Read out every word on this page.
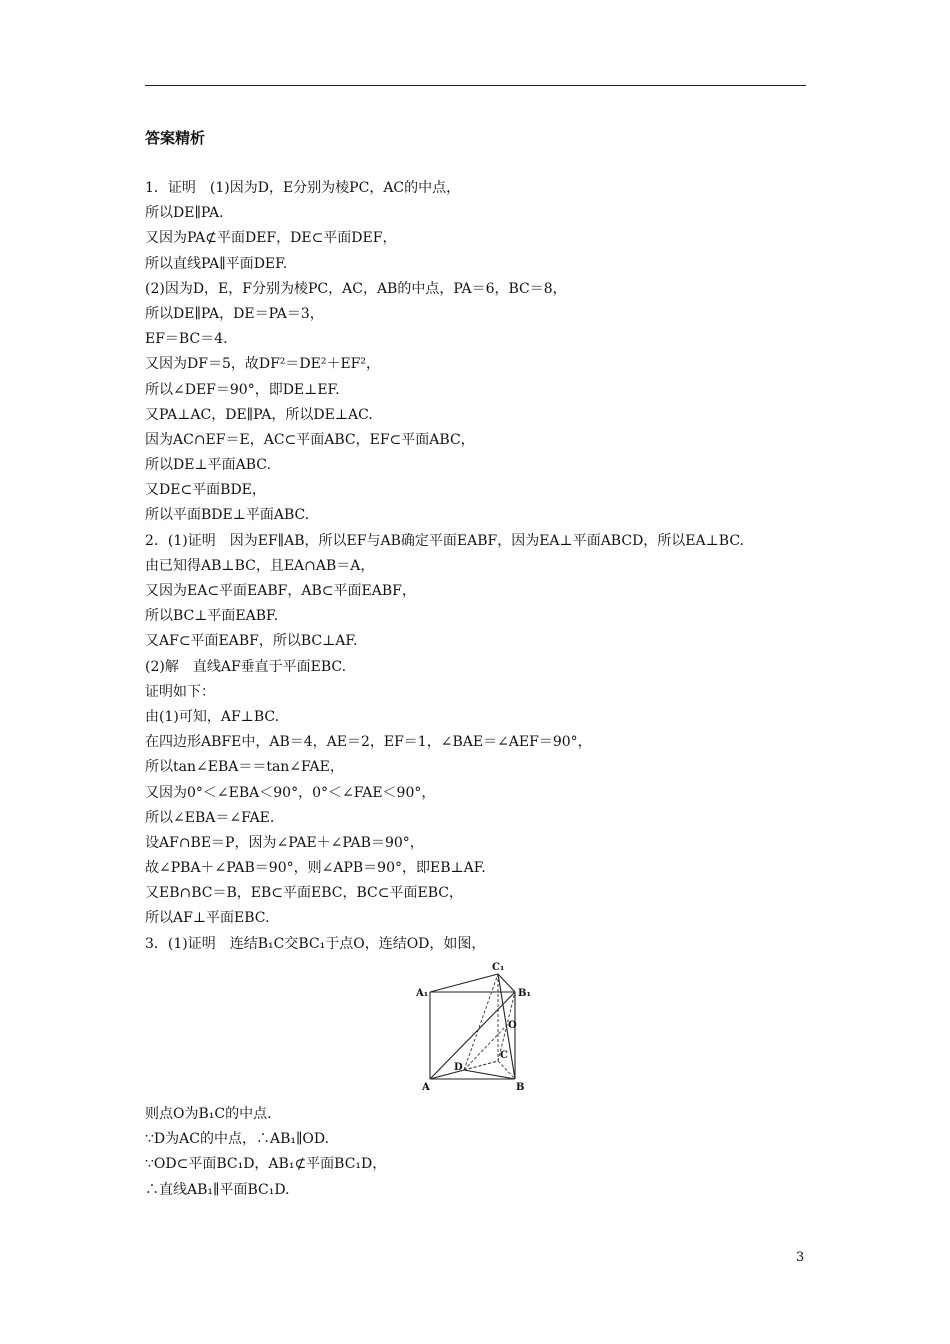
答案精析
1．证明　(1)因为D，E分别为棱PC，AC的中点，
所以DE∥PA.
又因为PA⊄平面DEF，DE⊂平面DEF，
所以直线PA∥平面DEF.
(2)因为D，E，F分别为棱PC，AC，AB的中点，PA＝6，BC＝8，
所以DE∥PA，DE＝PA＝3，
EF＝BC＝4.
又因为DF＝5，故DF²＝DE²＋EF²，
所以∠DEF＝90°，即DE⊥EF.
又PA⊥AC，DE∥PA，所以DE⊥AC.
因为AC∩EF＝E，AC⊂平面ABC，EF⊂平面ABC，
所以DE⊥平面ABC.
又DE⊂平面BDE，
所以平面BDE⊥平面ABC.
2．(1)证明　因为EF∥AB，所以EF与AB确定平面EABF，因为EA⊥平面ABCD，所以EA⊥BC.
由已知得AB⊥BC，且EA∩AB＝A，
又因为EA⊂平面EABF，AB⊂平面EABF，
所以BC⊥平面EABF.
又AF⊂平面EABF，所以BC⊥AF.
(2)解　直线AF垂直于平面EBC.
证明如下：
由(1)可知，AF⊥BC.
在四边形ABFE中，AB＝4，AE＝2，EF＝1，∠BAE＝∠AEF＝90°，
所以tan∠EBA＝＝tan∠FAE，
又因为0°＜∠EBA＜90°，0°＜∠FAE＜90°，
所以∠EBA＝∠FAE.
设AF∩BE＝P，因为∠PAE＋∠PAB＝90°，
故∠PBA＋∠PAB＝90°，则∠APB＝90°，即EB⊥AF.
又EB∩BC＝B，EB⊂平面EBC，BC⊂平面EBC，
所以AF⊥平面EBC.
3．(1)证明　连结B₁C交BC₁于点O，连结OD，如图，
C₁
A₁	B₁
O
C
D
A	B
则点O为B₁C的中点.
∵D为AC的中点，∴AB₁∥OD.
∵OD⊂平面BC₁D，AB₁⊄平面BC₁D，
∴直线AB₁∥平面BC₁D.
3
